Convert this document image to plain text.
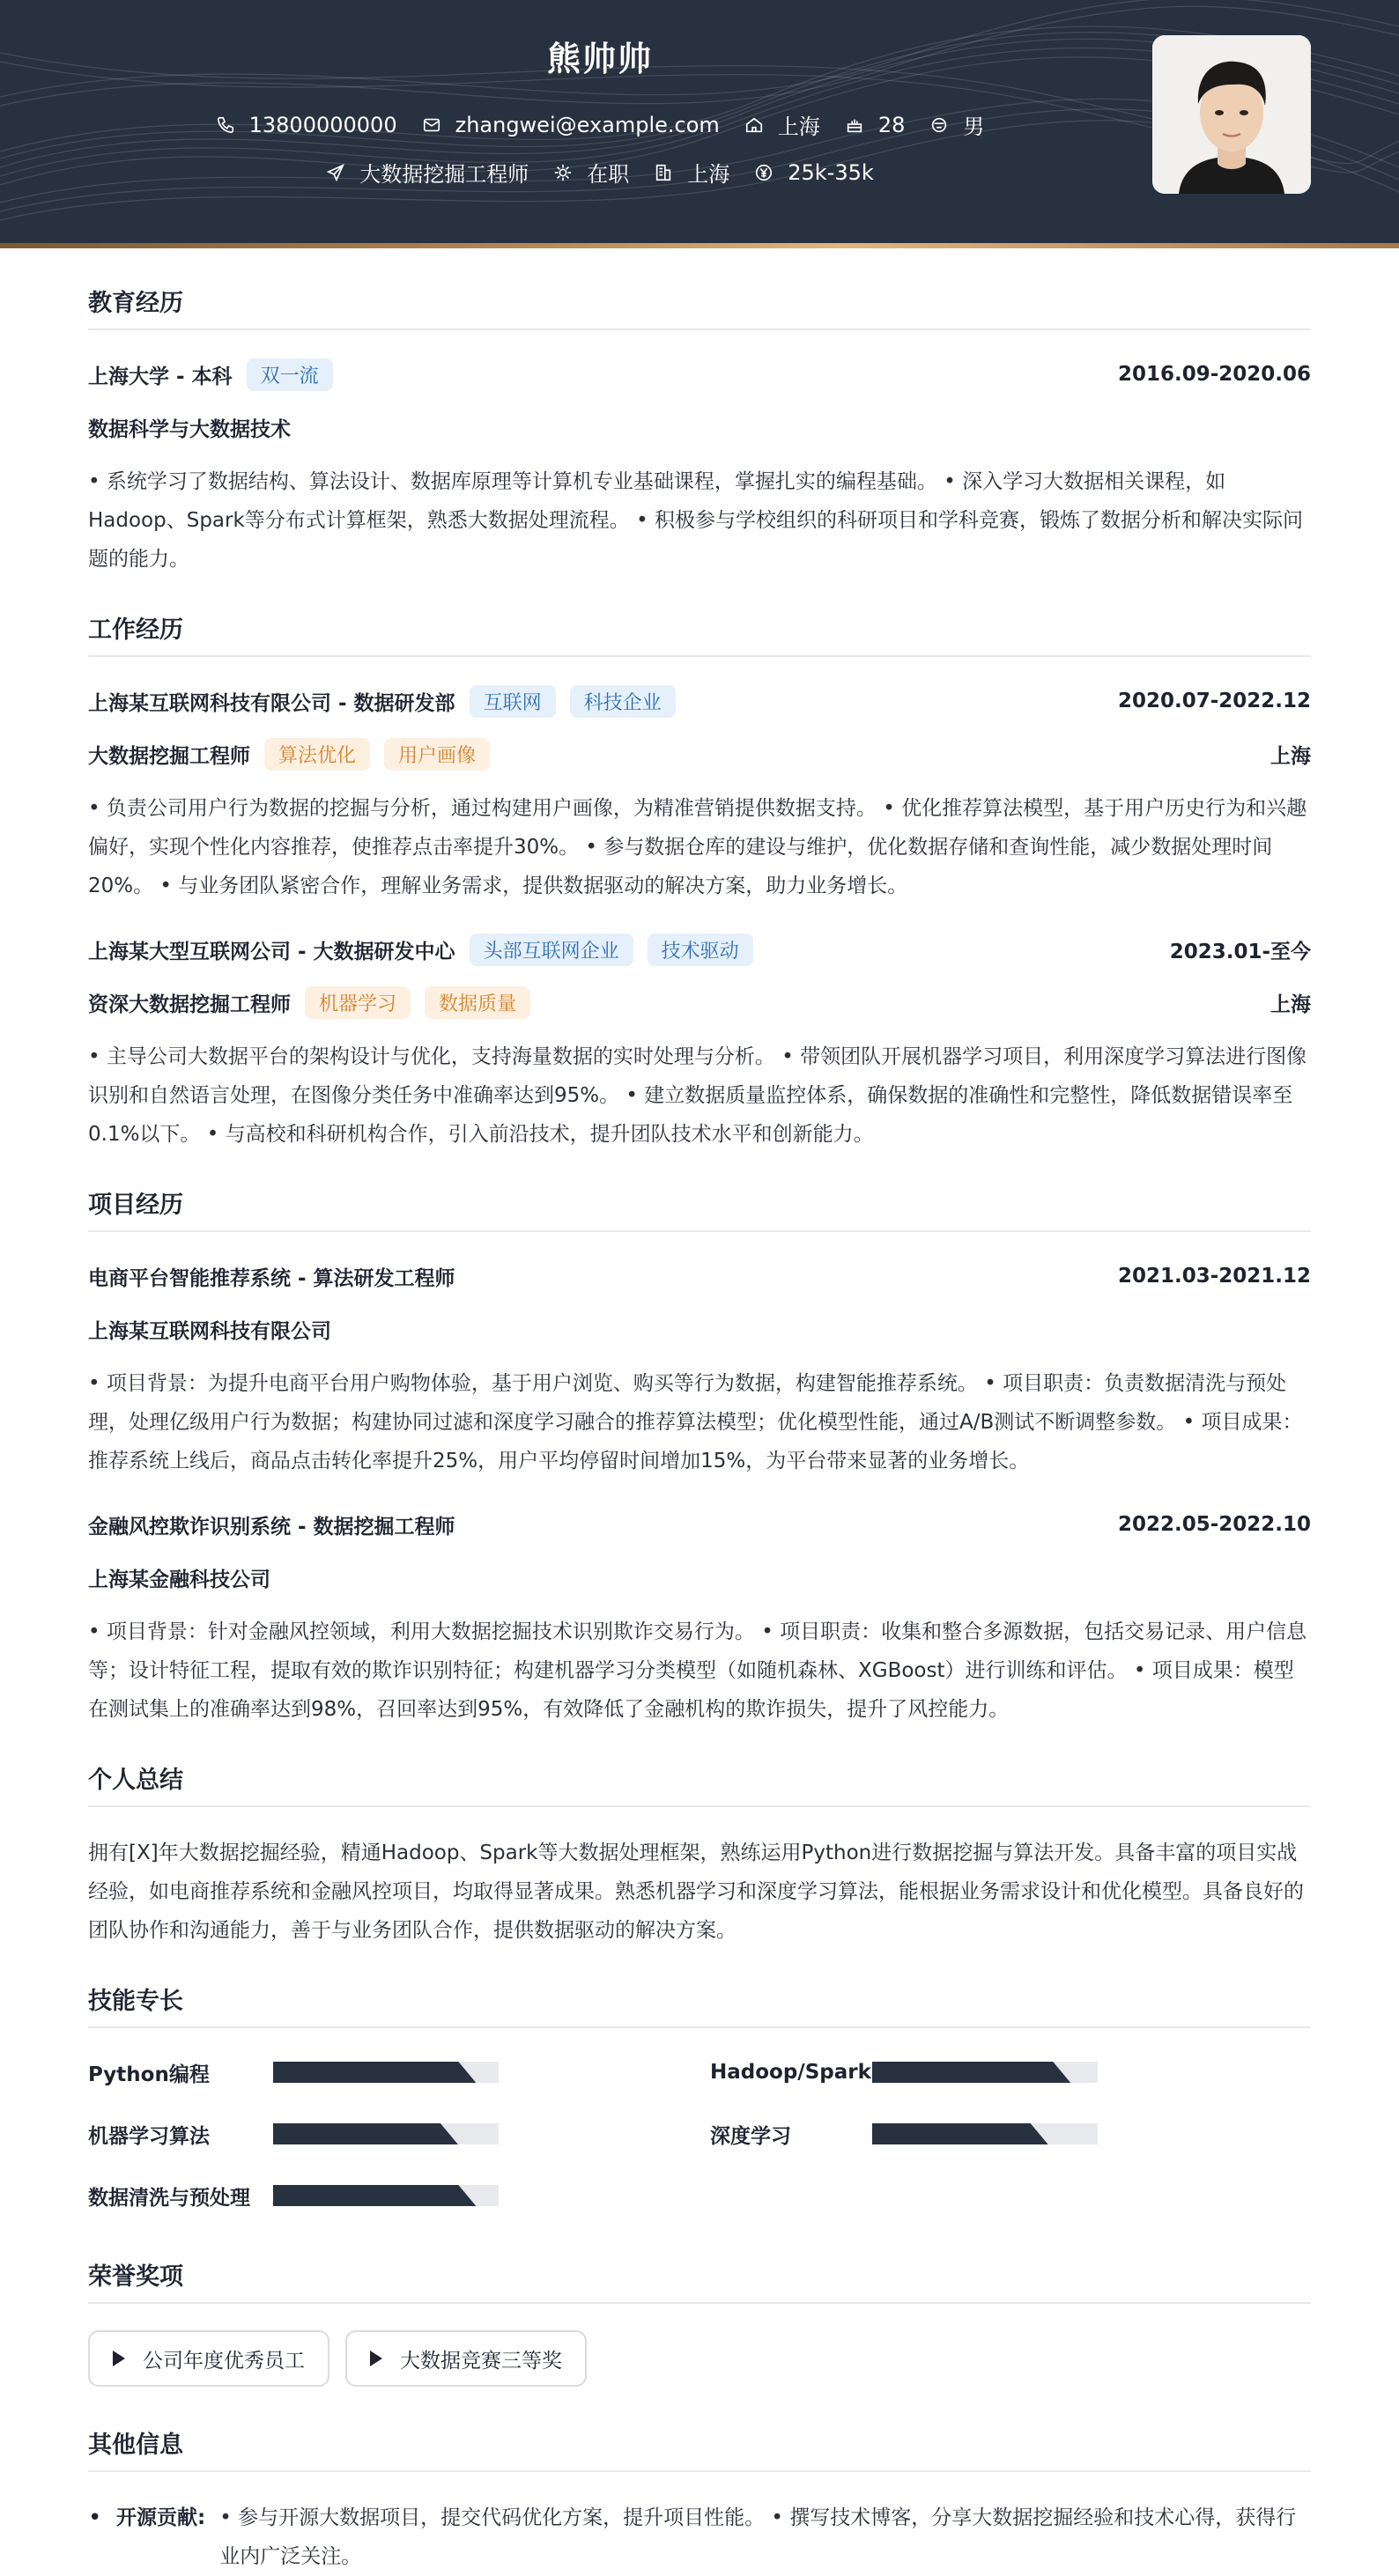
熊帅帅
13800000000	zhangwei@example.com	上海	28	男
大数据挖掘工程师	在职	上海	25k-35k
教育经历
上海大学 - 本科	双一流	2016.09-2020.06
数据科学与大数据技术
• 系统学习了数据结构、算法设计、数据库原理等计算机专业基础课程，掌握扎实的编程基础。 • 深入学习大数据相关课程，如Hadoop、Spark等分布式计算框架，熟悉大数据处理流程。 • 积极参与学校组织的科研项目和学科竞赛，锻炼了数据分析和解决实际问题的能力。
工作经历
上海某互联网科技有限公司 - 数据研发部	互联网	科技企业	2020.07-2022.12
大数据挖掘工程师	算法优化	用户画像	上海
• 负责公司用户行为数据的挖掘与分析，通过构建用户画像，为精准营销提供数据支持。 • 优化推荐算法模型，基于用户历史行为和兴趣偏好，实现个性化内容推荐，使推荐点击率提升30%。 • 参与数据仓库的建设与维护，优化数据存储和查询性能，减少数据处理时间20%。 • 与业务团队紧密合作，理解业务需求，提供数据驱动的解决方案，助力业务增长。
上海某大型互联网公司 - 大数据研发中心	头部互联网企业	技术驱动	2023.01-至今
资深大数据挖掘工程师	机器学习	数据质量	上海
• 主导公司大数据平台的架构设计与优化，支持海量数据的实时处理与分析。 • 带领团队开展机器学习项目，利用深度学习算法进行图像识别和自然语言处理，在图像分类任务中准确率达到95%。 • 建立数据质量监控体系，确保数据的准确性和完整性，降低数据错误率至0.1%以下。 • 与高校和科研机构合作，引入前沿技术，提升团队技术水平和创新能力。
项目经历
电商平台智能推荐系统 - 算法研发工程师	2021.03-2021.12
上海某互联网科技有限公司
• 项目背景：为提升电商平台用户购物体验，基于用户浏览、购买等行为数据，构建智能推荐系统。 • 项目职责：负责数据清洗与预处理，处理亿级用户行为数据；构建协同过滤和深度学习融合的推荐算法模型；优化模型性能，通过A/B测试不断调整参数。 • 项目成果：推荐系统上线后，商品点击转化率提升25%，用户平均停留时间增加15%，为平台带来显著的业务增长。
金融风控欺诈识别系统 - 数据挖掘工程师	2022.05-2022.10
上海某金融科技公司
• 项目背景：针对金融风控领域，利用大数据挖掘技术识别欺诈交易行为。 • 项目职责：收集和整合多源数据，包括交易记录、用户信息等；设计特征工程，提取有效的欺诈识别特征；构建机器学习分类模型（如随机森林、XGBoost）进行训练和评估。 • 项目成果：模型在测试集上的准确率达到98%，召回率达到95%，有效降低了金融机构的欺诈损失，提升了风控能力。
个人总结
拥有[X]年大数据挖掘经验，精通Hadoop、Spark等大数据处理框架，熟练运用Python进行数据挖掘与算法开发。具备丰富的项目实战经验，如电商推荐系统和金融风控项目，均取得显著成果。熟悉机器学习和深度学习算法，能根据业务需求设计和优化模型。具备良好的团队协作和沟通能力，善于与业务团队合作，提供数据驱动的解决方案。
技能专长
Python编程	Hadoop/Spark
机器学习算法	深度学习
数据清洗与预处理
荣誉奖项
公司年度优秀员工	大数据竞赛三等奖
其他信息
• 开源贡献: • 参与开源大数据项目，提交代码优化方案，提升项目性能。 • 撰写技术博客，分享大数据挖掘经验和技术心得，获得行业内广泛关注。
